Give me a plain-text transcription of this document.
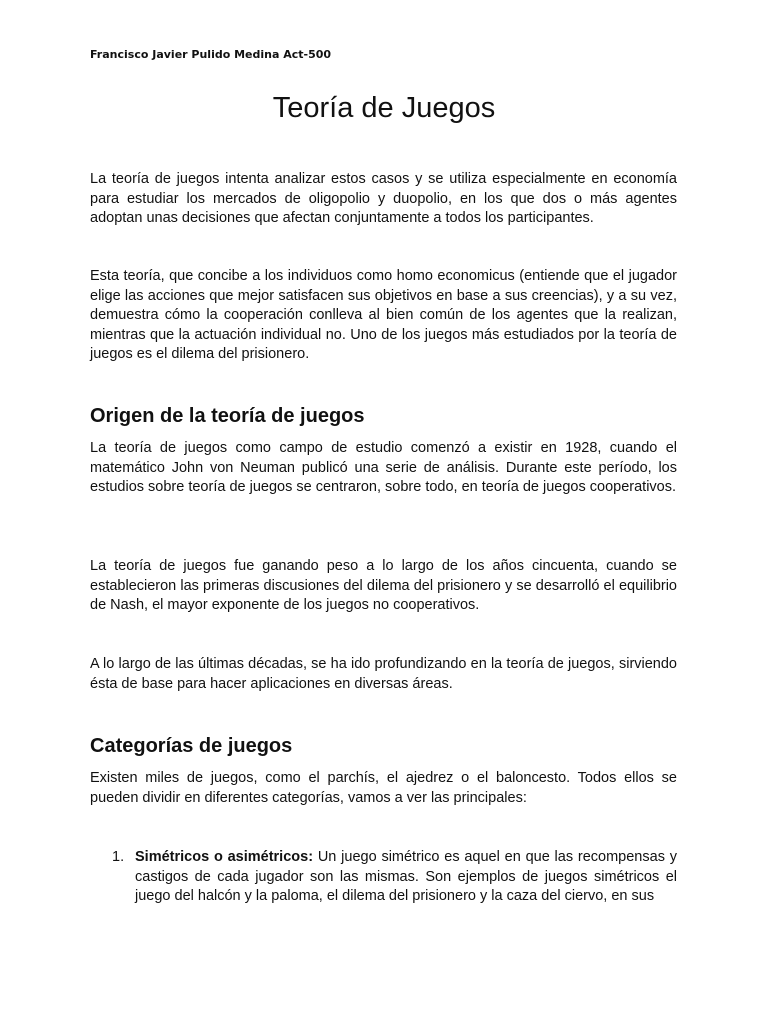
Francisco Javier Pulido Medina Act-500
Teoría de Juegos

La teoría de juegos intenta analizar estos casos y se utiliza especialmente en economía para estudiar los mercados de oligopolio y duopolio, en los que dos o más agentes adoptan unas decisiones que afectan conjuntamente a todos los participantes.

Esta teoría, que concibe a los individuos como homo economicus (entiende que el jugador elige las acciones que mejor satisfacen sus objetivos en base a sus creencias), y a su vez, demuestra cómo la cooperación conlleva al bien común de los agentes que la realizan, mientras que la actuación individual no. Uno de los juegos más estudiados por la teoría de juegos es el dilema del prisionero.

Origen de la teoría de juegos

La teoría de juegos como campo de estudio comenzó a existir en 1928, cuando el matemático John von Neuman publicó una serie de análisis. Durante este período, los estudios sobre teoría de juegos se centraron, sobre todo, en teoría de juegos cooperativos.

La teoría de juegos fue ganando peso a lo largo de los años cincuenta, cuando se establecieron las primeras discusiones del dilema del prisionero y se desarrolló el equilibrio de Nash, el mayor exponente de los juegos no cooperativos.

A lo largo de las últimas décadas, se ha ido profundizando en la teoría de juegos, sirviendo ésta de base para hacer aplicaciones en diversas áreas.

Categorías de juegos

Existen miles de juegos, como el parchís, el ajedrez o el baloncesto. Todos ellos se pueden dividir en diferentes categorías, vamos a ver las principales:

1. Simétricos o asimétricos: Un juego simétrico es aquel en que las recompensas y castigos de cada jugador son las mismas. Son ejemplos de juegos simétricos el juego del halcón y la paloma, el dilema del prisionero y la caza del ciervo, en sus
